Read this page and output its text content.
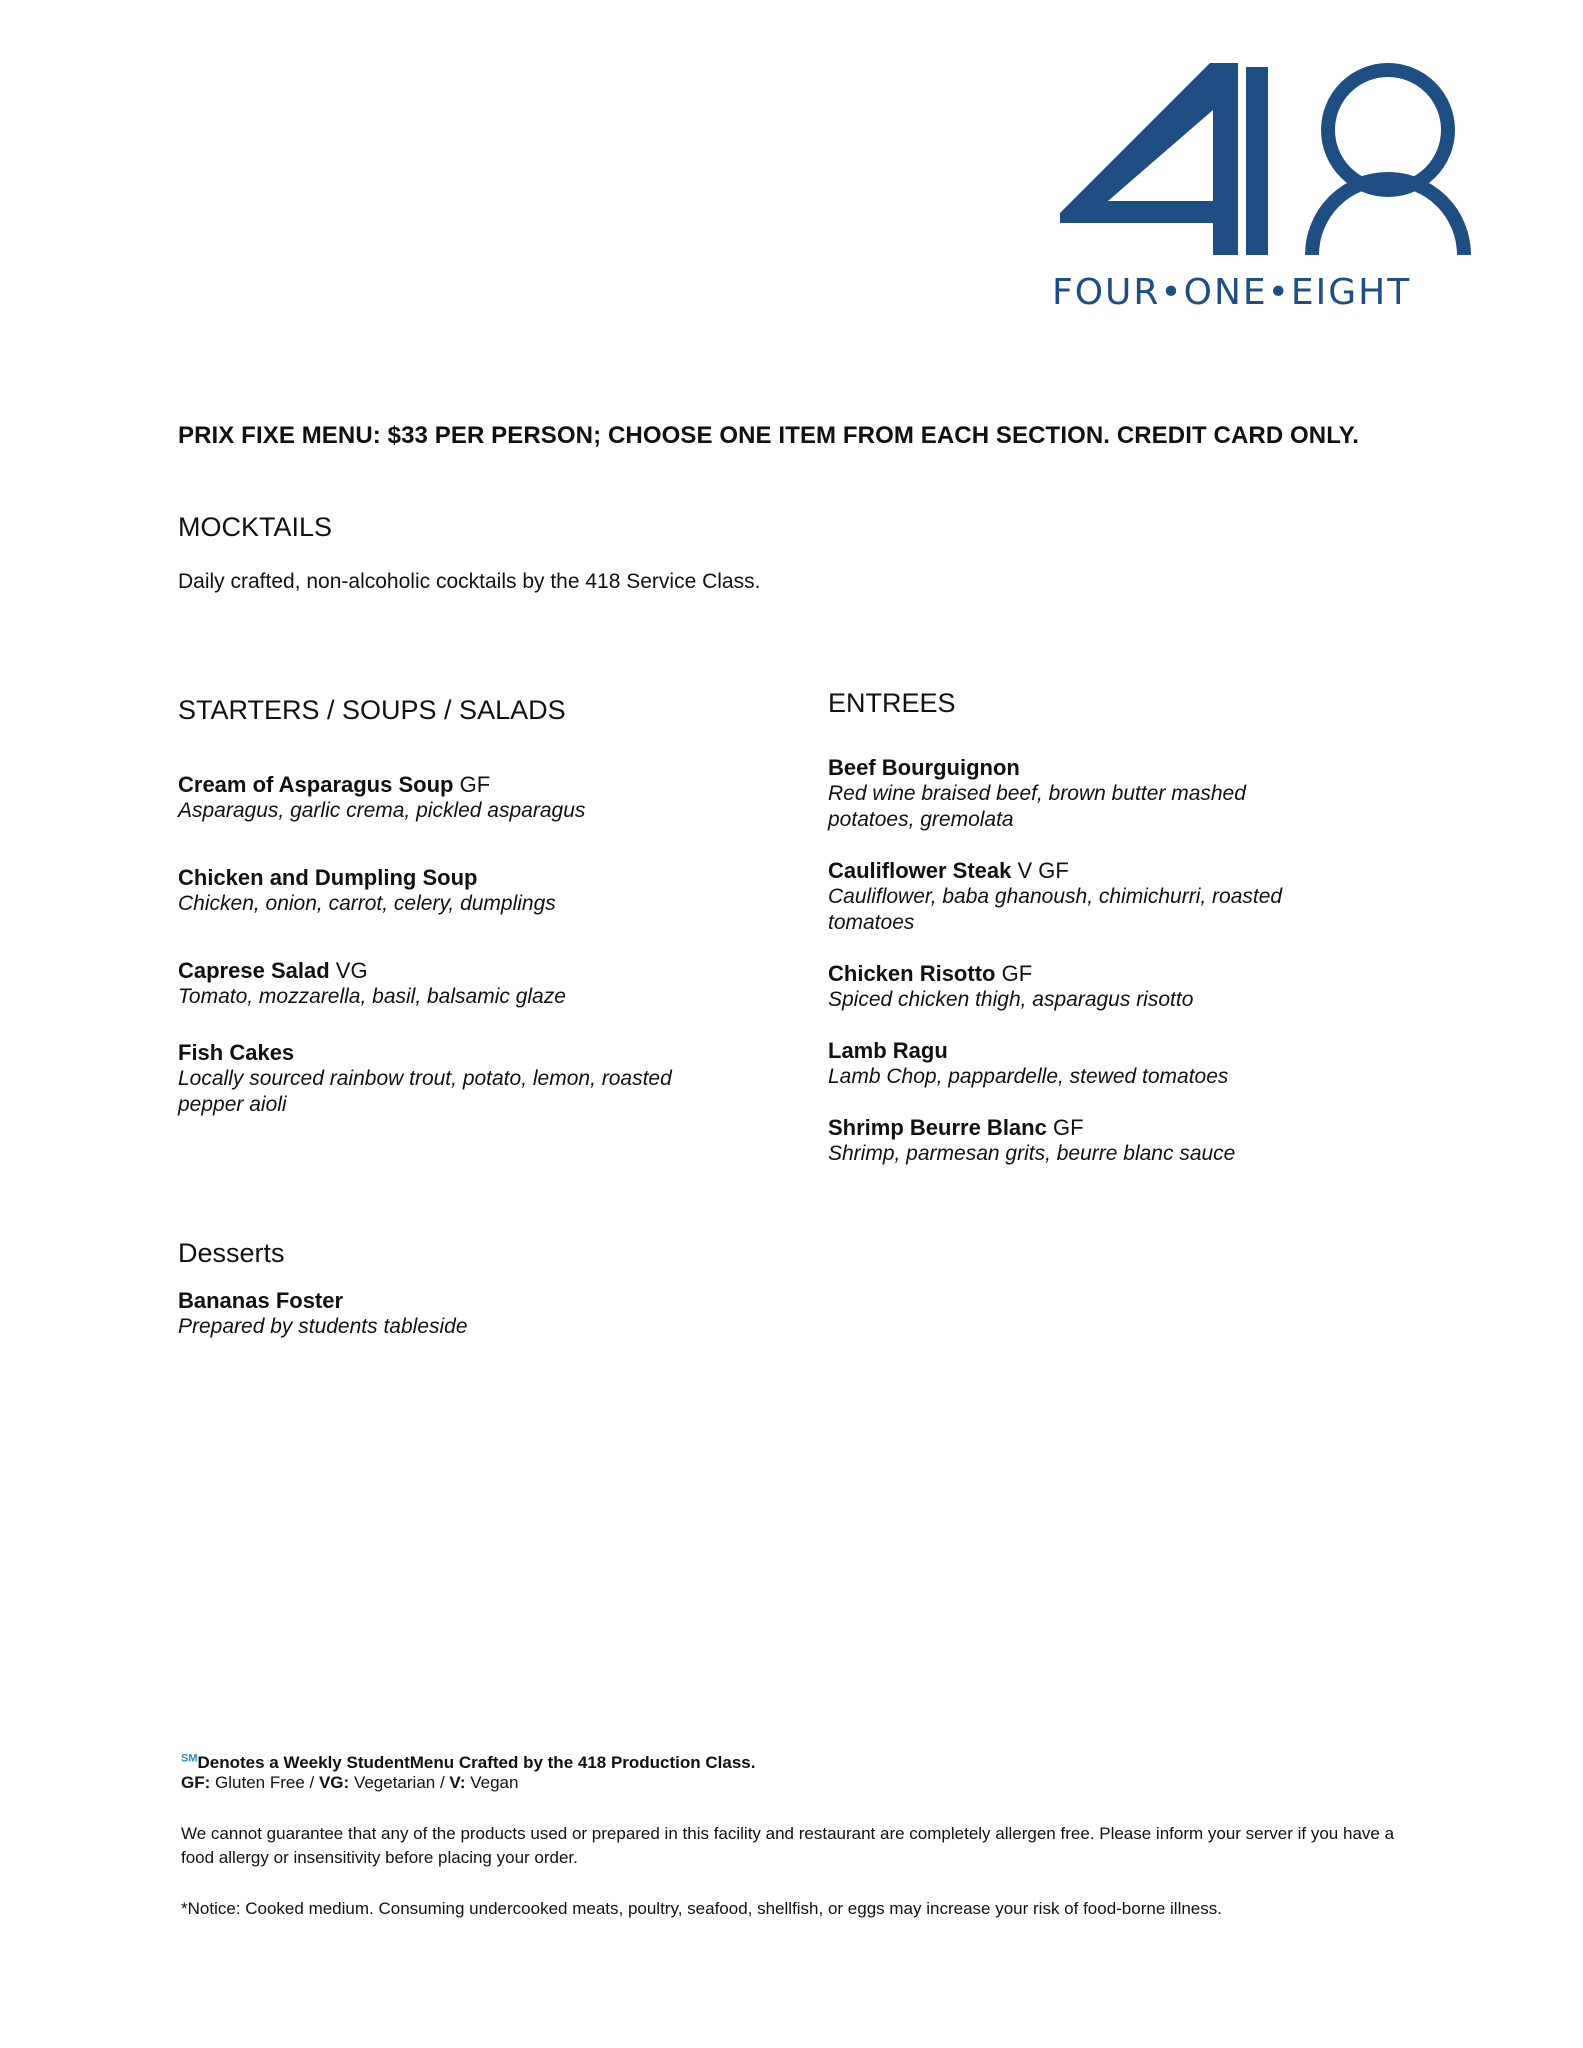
FOUR•ONE•EIGHT
PRIX FIXE MENU: $33 PER PERSON; CHOOSE ONE ITEM FROM EACH SECTION. CREDIT CARD ONLY.
MOCKTAILS
Daily crafted, non-alcoholic cocktails by the 418 Service Class.
STARTERS / SOUPS / SALADS
Cream of Asparagus Soup GF
Asparagus, garlic crema, pickled asparagus
Chicken and Dumpling Soup
Chicken, onion, carrot, celery, dumplings
Caprese Salad VG
Tomato, mozzarella, basil, balsamic glaze
Fish Cakes
Locally sourced rainbow trout, potato, lemon, roasted pepper aioli
ENTREES
Beef Bourguignon
Red wine braised beef, brown butter mashed potatoes, gremolata
Cauliflower Steak V GF
Cauliflower, baba ghanoush, chimichurri, roasted tomatoes
Chicken Risotto GF
Spiced chicken thigh, asparagus risotto
Lamb Ragu
Lamb Chop, pappardelle, stewed tomatoes
Shrimp Beurre Blanc GF
Shrimp, parmesan grits, beurre blanc sauce
Desserts
Bananas Foster
Prepared by students tableside
℠Denotes a Weekly StudentMenu Crafted by the 418 Production Class.
GF: Gluten Free / VG: Vegetarian / V: Vegan
We cannot guarantee that any of the products used or prepared in this facility and restaurant are completely allergen free. Please inform your server if you have a food allergy or insensitivity before placing your order.
*Notice: Cooked medium. Consuming undercooked meats, poultry, seafood, shellfish, or eggs may increase your risk of food-borne illness.
